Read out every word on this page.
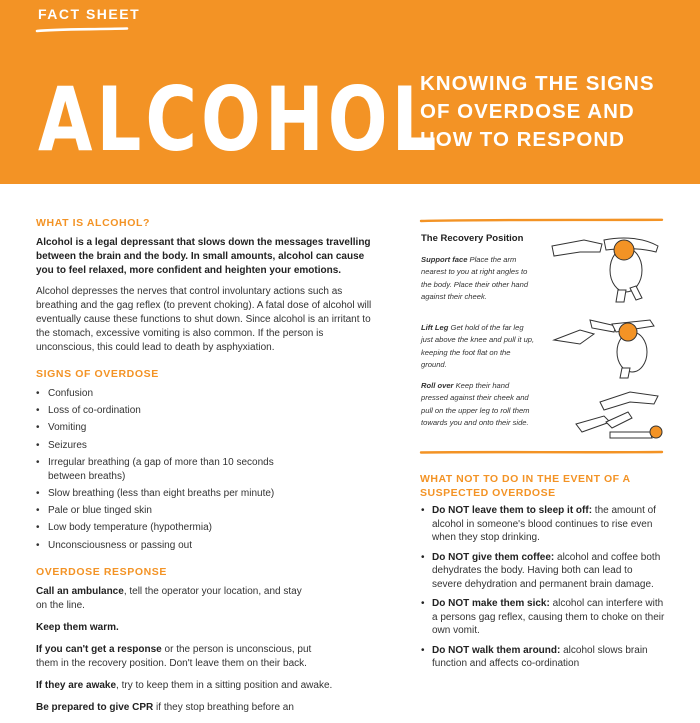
FACT SHEET
ALCOHOL
KNOWING THE SIGNS
OF OVERDOSE AND
HOW TO RESPOND
WHAT IS ALCOHOL?
Alcohol is a legal depressant that slows down the messages travelling between the brain and the body. In small amounts, alcohol can cause you to feel relaxed, more confident and heighten your emotions.
Alcohol depresses the nerves that control involuntary actions such as breathing and the gag reflex (to prevent choking). A fatal dose of alcohol will eventually cause these functions to shut down. Since alcohol is an irritant to the stomach, excessive vomiting is also common. If the person is unconscious, this could lead to death by asphyxiation.
SIGNS OF OVERDOSE
• Confusion
• Loss of co-ordination
• Vomiting
• Seizures
• Irregular breathing (a gap of more than 10 seconds between breaths)
• Slow breathing (less than eight breaths per minute)
• Pale or blue tinged skin
• Low body temperature (hypothermia)
• Unconsciousness or passing out
OVERDOSE RESPONSE
Call an ambulance, tell the operator your location, and stay on the line.
Keep them warm.
If you can't get a response or the person is unconscious, put them in the recovery position. Don't leave them on their back.
If they are awake, try to keep them in a sitting position and awake.
Be prepared to give CPR if they stop breathing before an
The Recovery Position
Support face Place the arm nearest to you at right angles to the body. Place their other hand against their cheek.
Lift Leg Get hold of the far leg just above the knee and pull it up, keeping the foot flat on the ground.
Roll over Keep their hand pressed against their cheek and pull on the upper leg to roll them towards you and onto their side.
WHAT NOT TO DO IN THE EVENT OF A SUSPECTED OVERDOSE
• Do NOT leave them to sleep it off: the amount of alcohol in someone's blood continues to rise even when they stop drinking.
• Do NOT give them coffee: alcohol and coffee both dehydrates the body. Having both can lead to severe dehydration and permanent brain damage.
• Do NOT make them sick: alcohol can interfere with a persons gag reflex, causing them to choke on their own vomit.
• Do NOT walk them around: alcohol slows brain function and affects co-ordination
